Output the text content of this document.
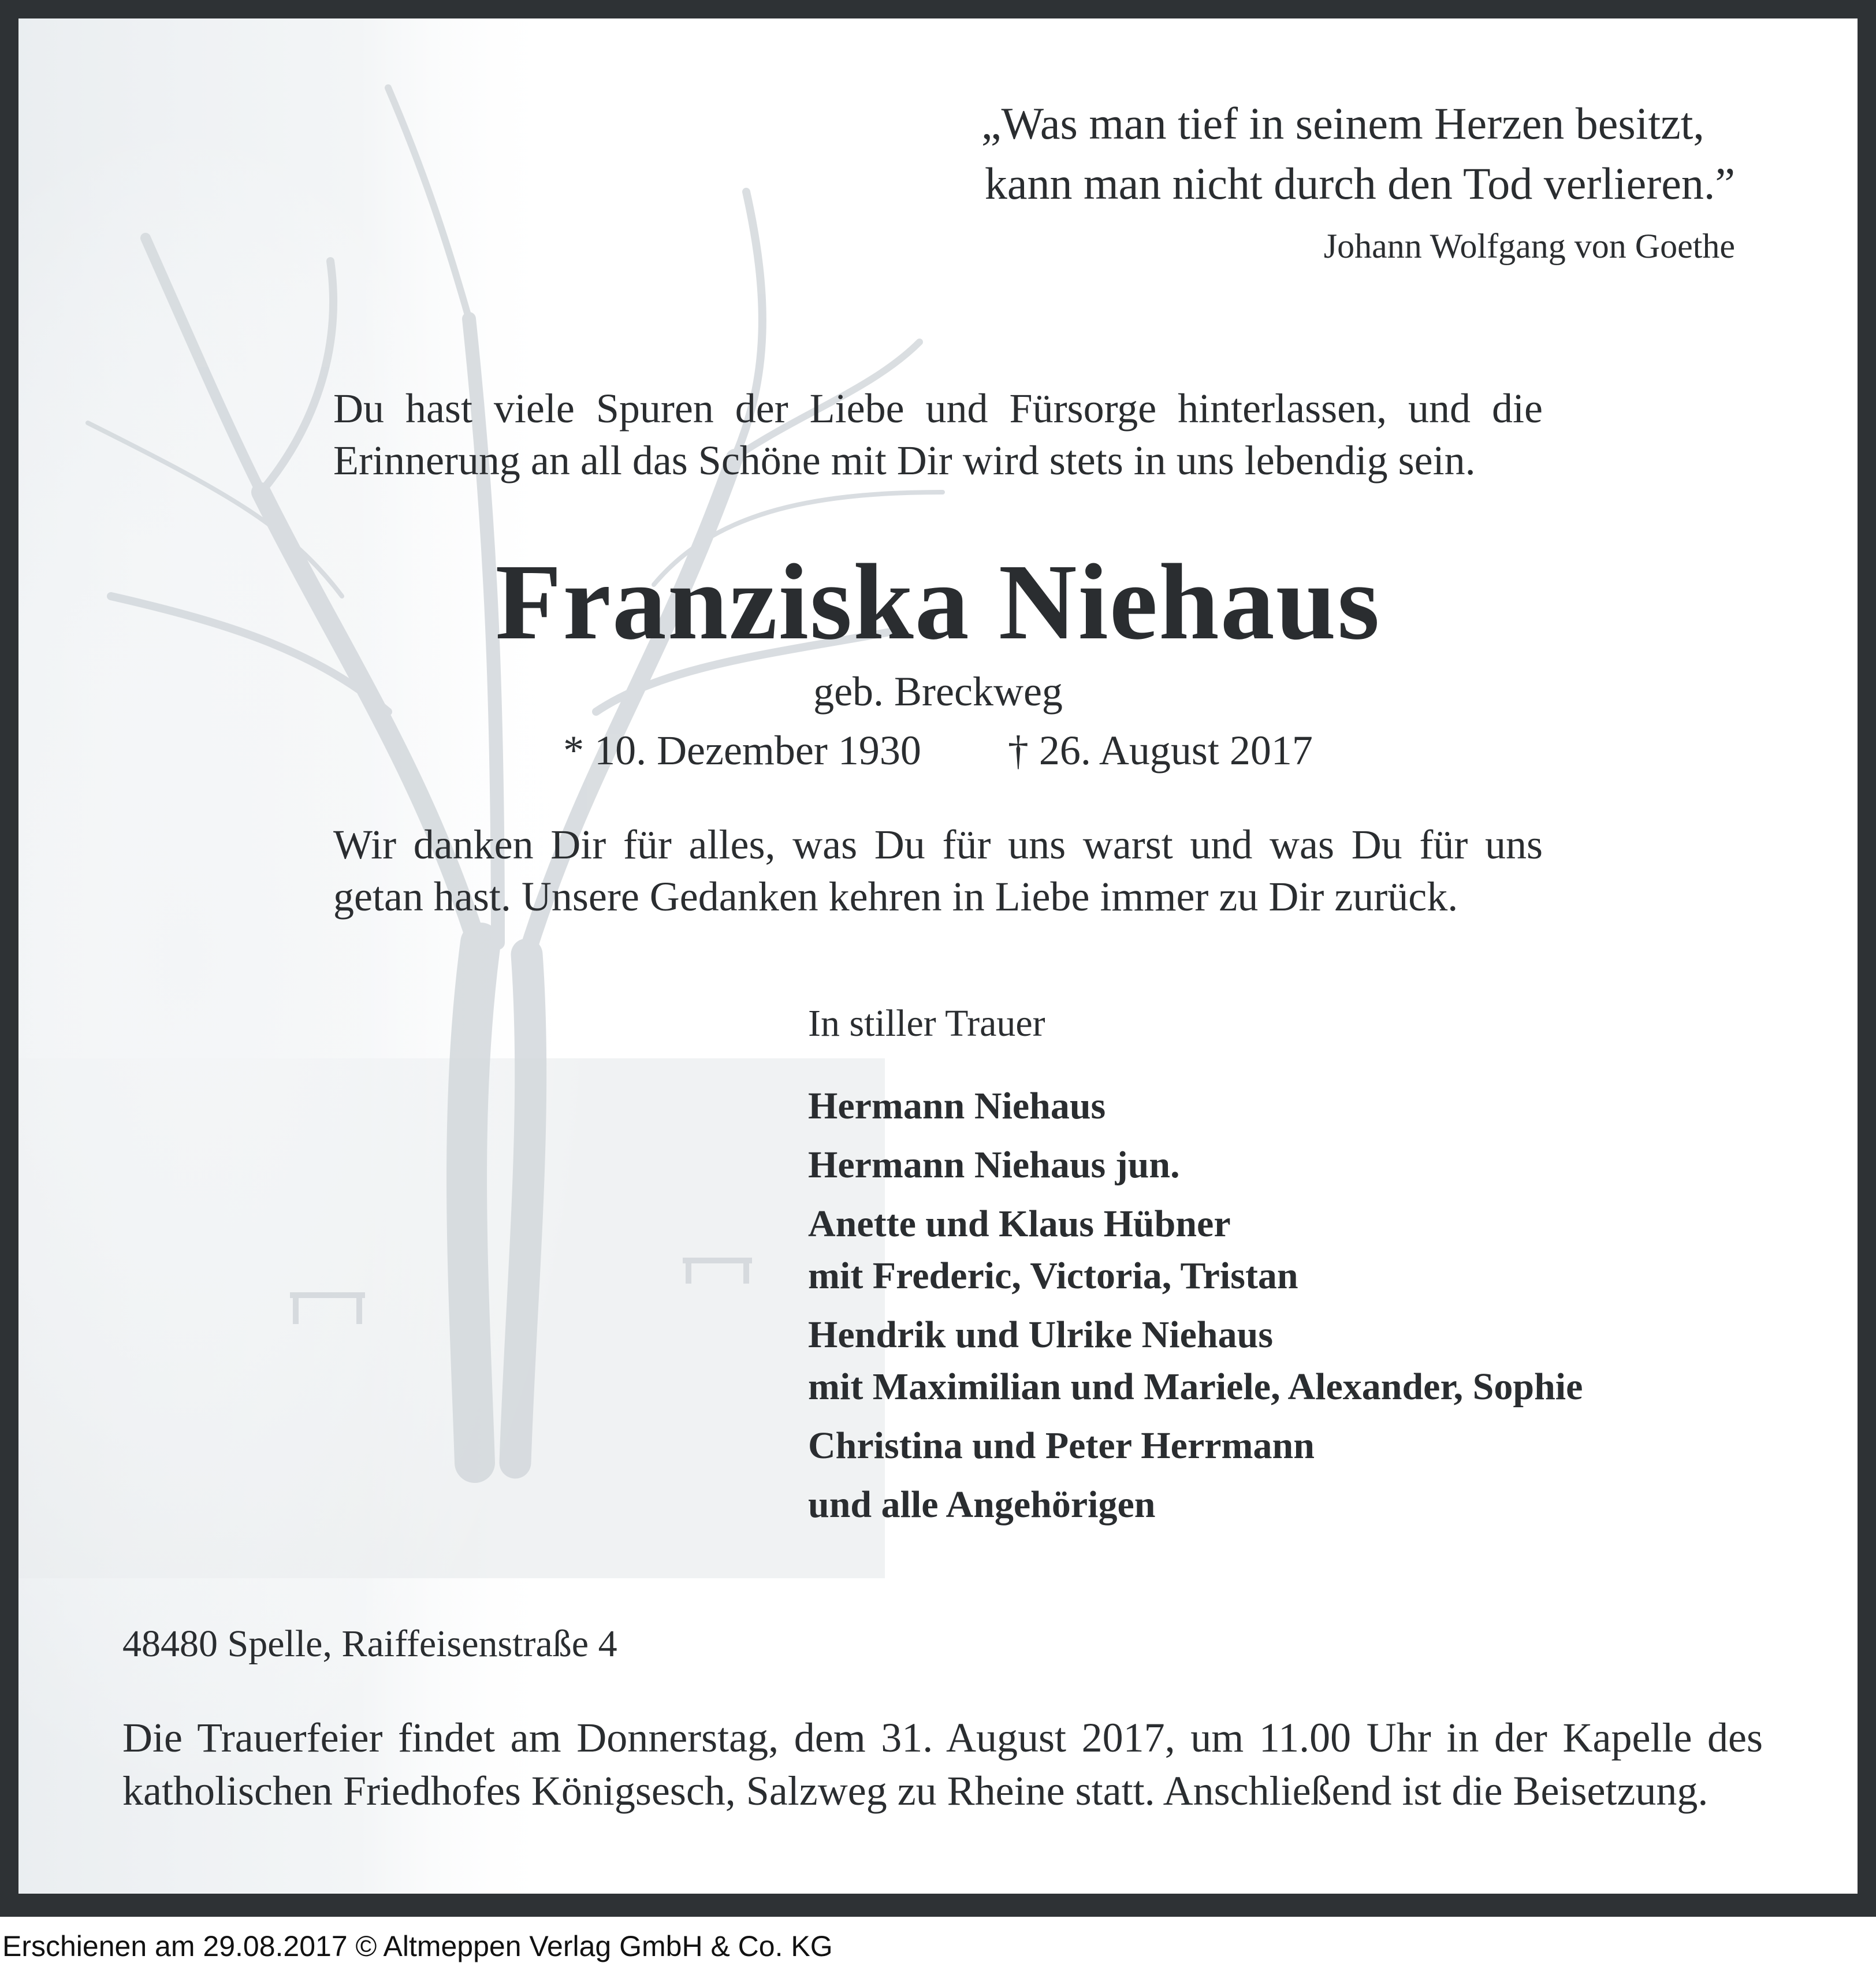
„Was man tief in seinem Herzen besitzt,
kann man nicht durch den Tod verlieren.”
Johann Wolfgang von Goethe
Du hast viele Spuren der Liebe und Fürsorge hinterlassen, und die Erinnerung an all das Schöne mit Dir wird stets in uns lebendig sein.
Franziska Niehaus
geb. Breckweg
* 10. Dezember 1930 † 26. August 2017
Wir danken Dir für alles, was Du für uns warst und was Du für uns getan hast. Unsere Gedanken kehren in Liebe immer zu Dir zurück.
In stiller Trauer
Hermann Niehaus
Hermann Niehaus jun.
Anette und Klaus Hübner
mit Frederic, Victoria, Tristan
Hendrik und Ulrike Niehaus
mit Maximilian und Mariele, Alexander, Sophie
Christina und Peter Herrmann
und alle Angehörigen
48480 Spelle, Raiffeisenstraße 4
Die Trauerfeier findet am Donnerstag, dem 31. August 2017, um 11.00 Uhr in der Kapelle des katholischen Friedhofes Königsesch, Salzweg zu Rheine statt. Anschließend ist die Beisetzung.
Erschienen am 29.08.2017 © Altmeppen Verlag GmbH & Co. KG
